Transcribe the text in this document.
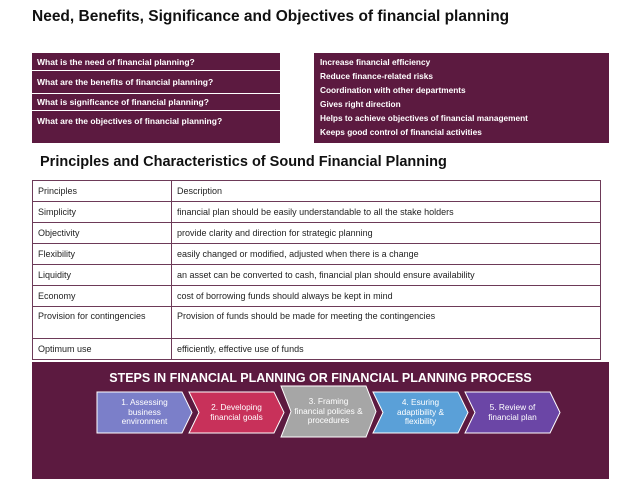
Need, Benefits, Significance and Objectives of financial planning
What is the need of financial planning?
What are the benefits of financial planning?
What is significance of financial planning?
What are the objectives of financial planning?
♣	Increase financial efficiency
♣	Reduce finance-related risks
♣	Coordination with other departments
♣	Gives right direction
♣	Helps to achieve objectives of financial management
♣	Keeps good control of financial activities
Principles and Characteristics of Sound Financial Planning
Principles	Description
Simplicity	financial plan should be easily understandable to all the stake holders
Objectivity	provide clarity and direction for strategic planning
Flexibility	easily changed or modified, adjusted when there is a change
Liquidity	an asset can be converted to cash, financial plan should ensure availability
Economy	cost of borrowing funds should always be kept in mind
Provision for contingencies	Provision of funds should be made for meeting the contingencies
Optimum use	efficiently, effective use of funds
STEPS IN FINANCIAL PLANNING OR FINANCIAL PLANNING PROCESS
1. Assessing business environment
2. Developing financial goals
3. Framing financial policies & procedures
4. Esuring adaptibility & flexibility
5. Review of financial plan
